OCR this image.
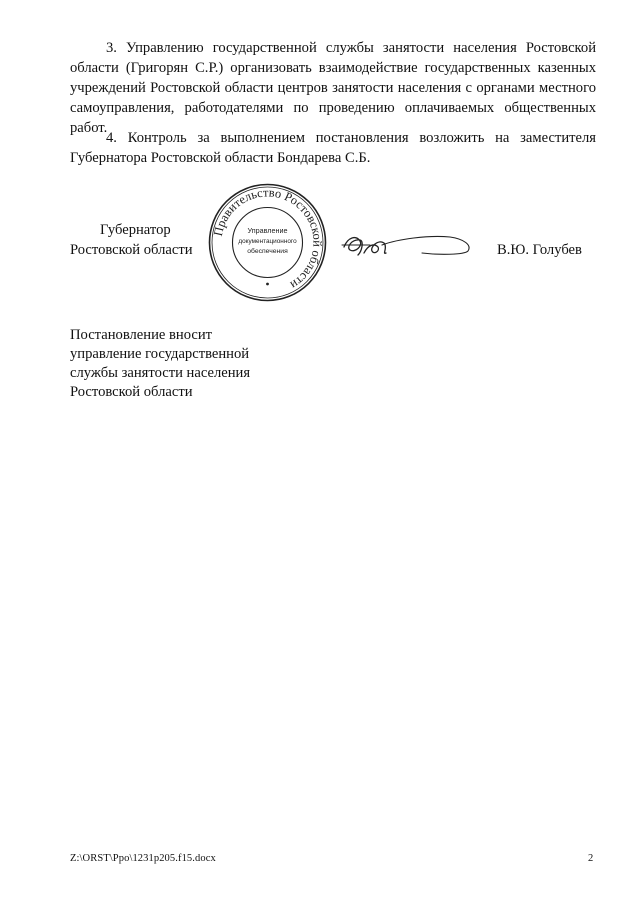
3. Управлению государственной службы занятости населения Ростовской области (Григорян С.Р.) организовать взаимодействие государственных казенных учреждений Ростовской области центров занятости населения с органами местного самоуправления, работодателями по проведению оплачиваемых общественных работ.

4. Контроль за выполнением постановления возложить на заместителя Губернатора Ростовской области Бондарева С.Б.

Губернатор
Ростовской области
Правительство Ростовской области
Управление
документационного
обеспечения	В.Ю. Голубев
Постановление вносит
управление государственной
службы занятости населения
Ростовской области
Z:\ORST\Ppo\1231p205.f15.docx	2
